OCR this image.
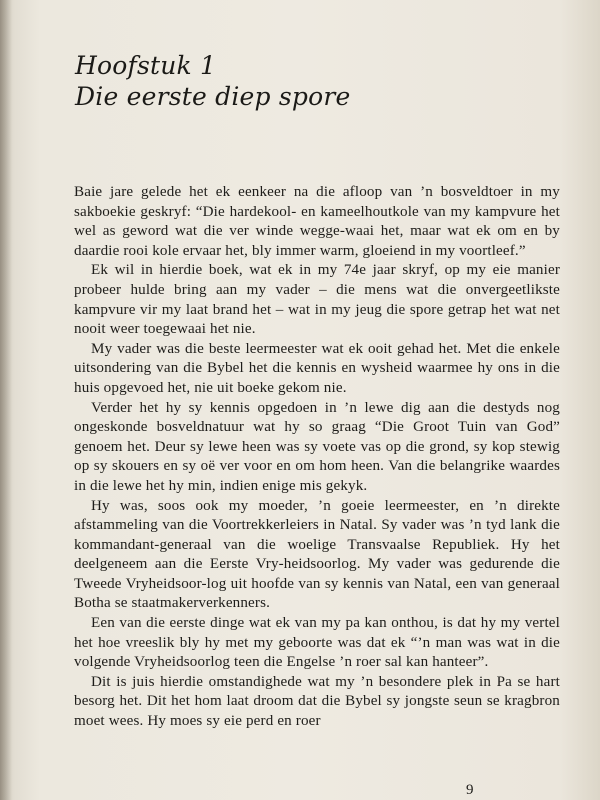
Hoofstuk 1
Die eerste diep spore

Baie jare gelede het ek eenkeer na die afloop van ’n bosveldtoer in my sakboekie geskryf: “Die hardekool- en kameelhoutkole van my kampvure het wel as geword wat die ver winde wegge-waai het, maar wat ek om en by daardie rooi kole ervaar het, bly immer warm, gloeiend in my voortleef.”

Ek wil in hierdie boek, wat ek in my 74e jaar skryf, op my eie manier probeer hulde bring aan my vader – die mens wat die onvergeetlikste kampvure vir my laat brand het – wat in my jeug die spore getrap het wat net nooit weer toegewaai het nie.

My vader was die beste leermeester wat ek ooit gehad het. Met die enkele uitsondering van die Bybel het die kennis en wysheid waarmee hy ons in die huis opgevoed het, nie uit boeke gekom nie.

Verder het hy sy kennis opgedoen in ’n lewe dig aan die destyds nog ongeskonde bosveldnatuur wat hy so graag “Die Groot Tuin van God” genoem het. Deur sy lewe heen was sy voete vas op die grond, sy kop stewig op sy skouers en sy oë ver voor en om hom heen. Van die belangrike waardes in die lewe het hy min, indien enige mis gekyk.

Hy was, soos ook my moeder, ’n goeie leermeester, en ’n direkte afstammeling van die Voortrekkerleiers in Natal. Sy vader was ’n tyd lank die kommandant-generaal van die woelige Transvaalse Republiek. Hy het deelgeneem aan die Eerste Vry-heidsoorlog. My vader was gedurende die Tweede Vryheidsoor-log uit hoofde van sy kennis van Natal, een van generaal Botha se staatmakerverkenners.

Een van die eerste dinge wat ek van my pa kan onthou, is dat hy my vertel het hoe vreeslik bly hy met my geboorte was dat ek “’n man was wat in die volgende Vryheidsoorlog teen die Engelse ’n roer sal kan hanteer”.

Dit is juis hierdie omstandighede wat my ’n besondere plek in Pa se hart besorg het. Dit het hom laat droom dat die Bybel sy jongste seun se kragbron moet wees. Hy moes sy eie perd en roer

9
